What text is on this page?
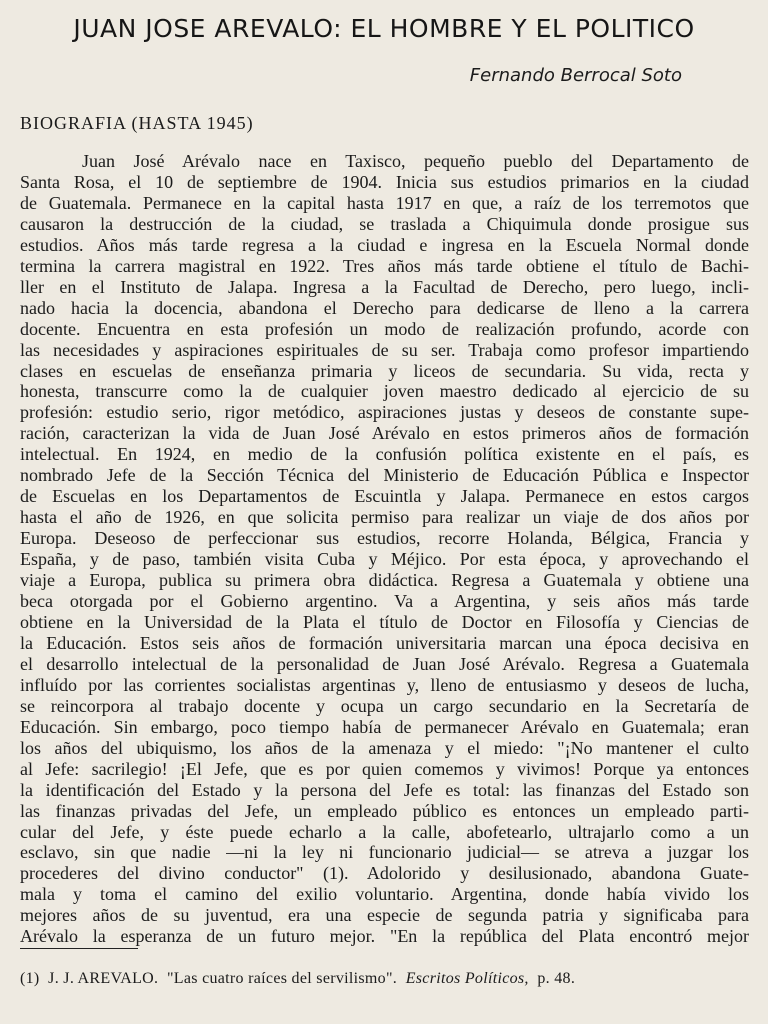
JUAN JOSE AREVALO: EL HOMBRE Y EL POLITICO
Fernando Berrocal Soto
BIOGRAFIA (HASTA 1945)
Juan José Arévalo nace en Taxisco, pequeño pueblo del Departamento de
Santa Rosa, el 10 de septiembre de 1904. Inicia sus estudios primarios en la ciudad
de Guatemala. Permanece en la capital hasta 1917 en que, a raíz de los terremotos que
causaron la destrucción de la ciudad, se traslada a Chiquimula donde prosigue sus
estudios. Años más tarde regresa a la ciudad e ingresa en la Escuela Normal donde
termina la carrera magistral en 1922. Tres años más tarde obtiene el título de Bachi-
ller en el Instituto de Jalapa. Ingresa a la Facultad de Derecho, pero luego, incli-
nado hacia la docencia, abandona el Derecho para dedicarse de lleno a la carrera
docente. Encuentra en esta profesión un modo de realización profundo, acorde con
las necesidades y aspiraciones espirituales de su ser. Trabaja como profesor impartiendo
clases en escuelas de enseñanza primaria y liceos de secundaria. Su vida, recta y
honesta, transcurre como la de cualquier joven maestro dedicado al ejercicio de su
profesión: estudio serio, rigor metódico, aspiraciones justas y deseos de constante supe-
ración, caracterizan la vida de Juan José Arévalo en estos primeros años de formación
intelectual. En 1924, en medio de la confusión política existente en el país, es
nombrado Jefe de la Sección Técnica del Ministerio de Educación Pública e Inspector
de Escuelas en los Departamentos de Escuintla y Jalapa. Permanece en estos cargos
hasta el año de 1926, en que solicita permiso para realizar un viaje de dos años por
Europa. Deseoso de perfeccionar sus estudios, recorre Holanda, Bélgica, Francia y
España, y de paso, también visita Cuba y Méjico. Por esta época, y aprovechando el
viaje a Europa, publica su primera obra didáctica. Regresa a Guatemala y obtiene una
beca otorgada por el Gobierno argentino. Va a Argentina, y seis años más tarde
obtiene en la Universidad de la Plata el título de Doctor en Filosofía y Ciencias de
la Educación. Estos seis años de formación universitaria marcan una época decisiva en
el desarrollo intelectual de la personalidad de Juan José Arévalo. Regresa a Guatemala
influído por las corrientes socialistas argentinas y, lleno de entusiasmo y deseos de lucha,
se reincorpora al trabajo docente y ocupa un cargo secundario en la Secretaría de
Educación. Sin embargo, poco tiempo había de permanecer Arévalo en Guatemala; eran
los años del ubiquismo, los años de la amenaza y el miedo: "¡No mantener el culto
al Jefe: sacrilegio! ¡El Jefe, que es por quien comemos y vivimos! Porque ya entonces
la identificación del Estado y la persona del Jefe es total: las finanzas del Estado son
las finanzas privadas del Jefe, un empleado público es entonces un empleado parti-
cular del Jefe, y éste puede echarlo a la calle, abofetearlo, ultrajarlo como a un
esclavo, sin que nadie —ni la ley ni funcionario judicial— se atreva a juzgar los
procederes del divino conductor" (1). Adolorido y desilusionado, abandona Guate-
mala y toma el camino del exilio voluntario. Argentina, donde había vivido los
mejores años de su juventud, era una especie de segunda patria y significaba para
Arévalo la esperanza de un futuro mejor. "En la república del Plata encontró mejor
(1) J. J. AREVALO. "Las cuatro raíces del servilismo". Escritos Políticos, p. 48.
